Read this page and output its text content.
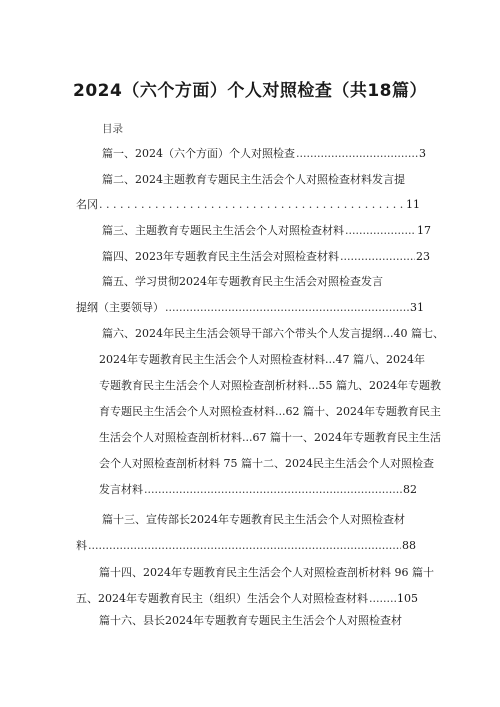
2024（六个方面）个人对照检查（共18篇）
目录
篇一、2024（六个方面）个人对照检查 .....	3
篇二、2024主题教育专题民主生活会个人对照检查材料发言提
名冈 . . .	11
篇三、主题教育专题民主生活会个人对照检查材料 .....	17
篇四、2023年专题教育民主生活会对照检查材料 .....	23
篇五、学习贯彻2024年专题教育民主生活会对照检查发言
提纲（主要领导） .....	31
篇六、2024年民主生活会领导干部六个带头个人发言提纲...40 篇七、
2024年专题教育民主生活会个人对照检查材料...47 篇八、2024年
专题教育民主生活会个人对照检查剖析材料...55 篇九、2024年专题教
育专题民主生活会个人对照检查材料...62 篇十、2024年专题教育民主
生活会个人对照检查剖析材料...67 篇十一、2024年专题教育民主生活
会个人对照检查剖析材料 75 篇十二、2024民主生活会个人对照检查
发言材料 .....	82
篇十三、宣传部长2024年专题教育民主生活会个人对照检查材
料 .....	88
篇十四、2024年专题教育民主生活会个人对照检查剖析材料 96 篇十
五、2024年专题教育民主（组织）生活会个人对照检查材料 .....	105
篇十六、县长2024年专题教育专题民主生活会个人对照检查材
